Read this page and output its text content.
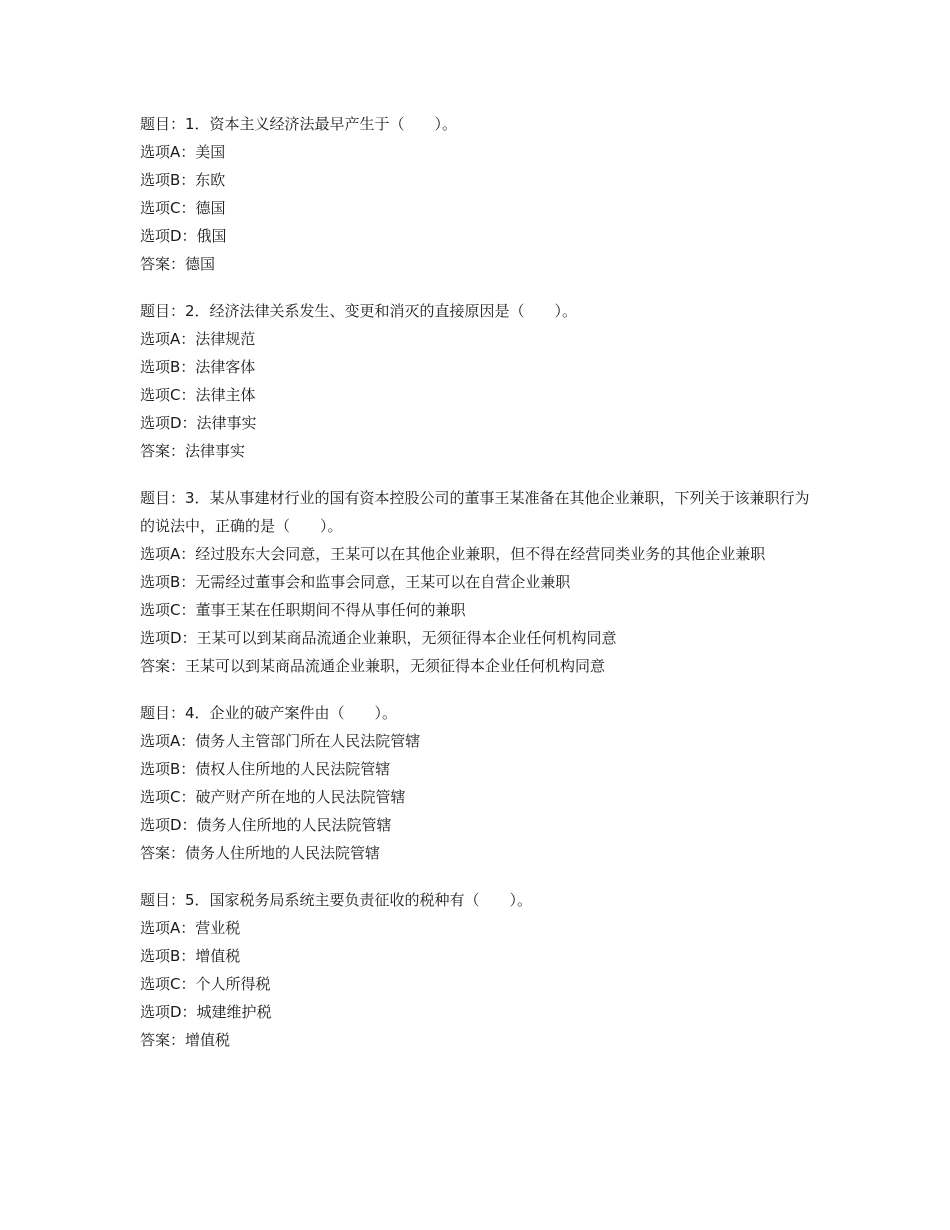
题目：1．资本主义经济法最早产生于（　　）。
选项A：美国
选项B：东欧
选项C：德国
选项D：俄国
答案：德国
题目：2．经济法律关系发生、变更和消灭的直接原因是（　　）。
选项A：法律规范
选项B：法律客体
选项C：法律主体
选项D：法律事实
答案：法律事实
题目：3．某从事建材行业的国有资本控股公司的董事王某准备在其他企业兼职，下列关于该兼职行为的说法中，正确的是（　　）。
选项A：经过股东大会同意，王某可以在其他企业兼职，但不得在经营同类业务的其他企业兼职
选项B：无需经过董事会和监事会同意，王某可以在自营企业兼职
选项C：董事王某在任职期间不得从事任何的兼职
选项D：王某可以到某商品流通企业兼职，无须征得本企业任何机构同意
答案：王某可以到某商品流通企业兼职，无须征得本企业任何机构同意
题目：4．企业的破产案件由（　　）。
选项A：债务人主管部门所在人民法院管辖
选项B：债权人住所地的人民法院管辖
选项C：破产财产所在地的人民法院管辖
选项D：债务人住所地的人民法院管辖
答案：债务人住所地的人民法院管辖
题目：5．国家税务局系统主要负责征收的税种有（　　）。
选项A：营业税
选项B：增值税
选项C：个人所得税
选项D：城建维护税
答案：增值税
